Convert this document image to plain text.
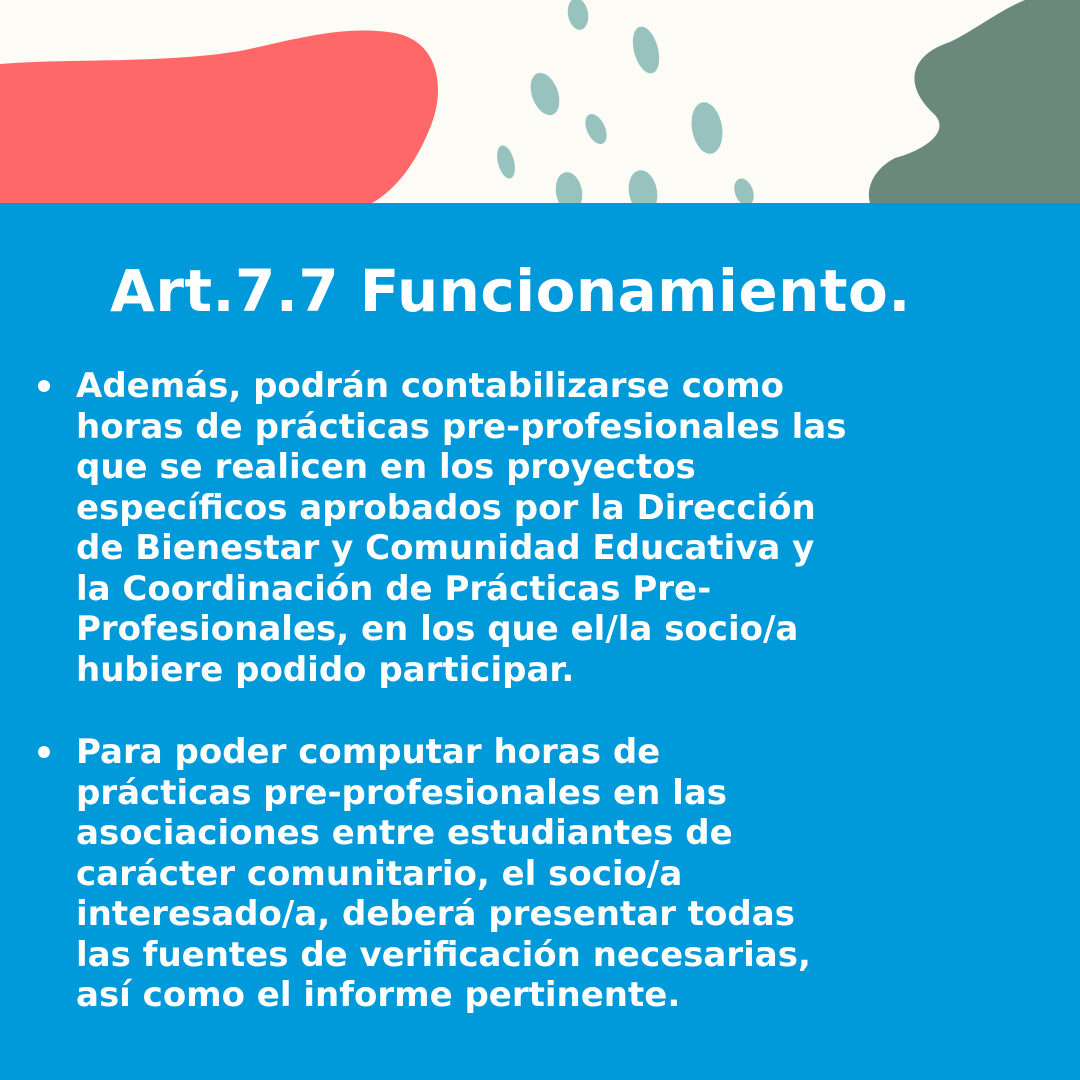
Art.7.7 Funcionamiento.
Además, podrán contabilizarse como
horas de prácticas pre-profesionales las
que se realicen en los proyectos
específicos aprobados por la Dirección
de Bienestar y Comunidad Educativa y
la Coordinación de Prácticas Pre-
Profesionales, en los que el/la socio/a
hubiere podido participar.
Para poder computar horas de
prácticas pre-profesionales en las
asociaciones entre estudiantes de
carácter comunitario, el socio/a
interesado/a, deberá presentar todas
las fuentes de verificación necesarias,
así como el informe pertinente.
